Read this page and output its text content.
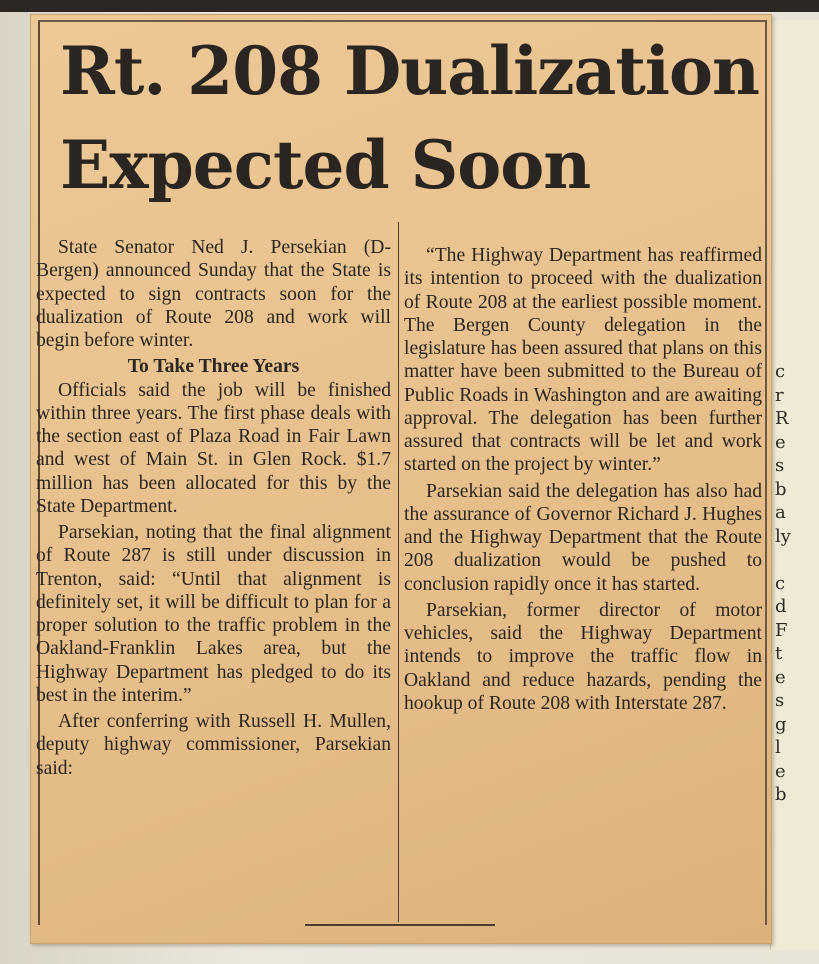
c
r
R
e
s
b
a
ly

c
d
F
t
e
s
g
l
e
b

Rt. 208 Dualization
Expected Soon

State Senator Ned J. Persekian (D-Bergen) announced Sunday that the State is expected to sign contracts soon for the dualization of Route 208 and work will begin before winter.

To Take Three Years

Officials said the job will be finished within three years. The first phase deals with the section east of Plaza Road in Fair Lawn and west of Main St. in Glen Rock. $1.7 million has been allocated for this by the State Department.

Parsekian, noting that the final alignment of Route 287 is still under discussion in Trenton, said: “Until that alignment is definitely set, it will be difficult to plan for a proper solution to the traffic problem in the Oakland-Franklin Lakes area, but the Highway Department has pledged to do its best in the interim.”

After conferring with Russell H. Mullen, deputy highway commissioner, Parsekian said:

“The Highway Department has reaffirmed its intention to proceed with the dualization of Route 208 at the earliest possible moment. The Bergen County delegation in the legislature has been assured that plans on this matter have been submitted to the Bureau of Public Roads in Washington and are awaiting approval. The delegation has been further assured that contracts will be let and work started on the project by winter.”

Parsekian said the delegation has also had the assurance of Governor Richard J. Hughes and the Highway Department that the Route 208 dualization would be pushed to conclusion rapidly once it has started.

Parsekian, former director of motor vehicles, said the Highway Department intends to improve the traffic flow in Oakland and reduce hazards, pending the hookup of Route 208 with Interstate 287.
